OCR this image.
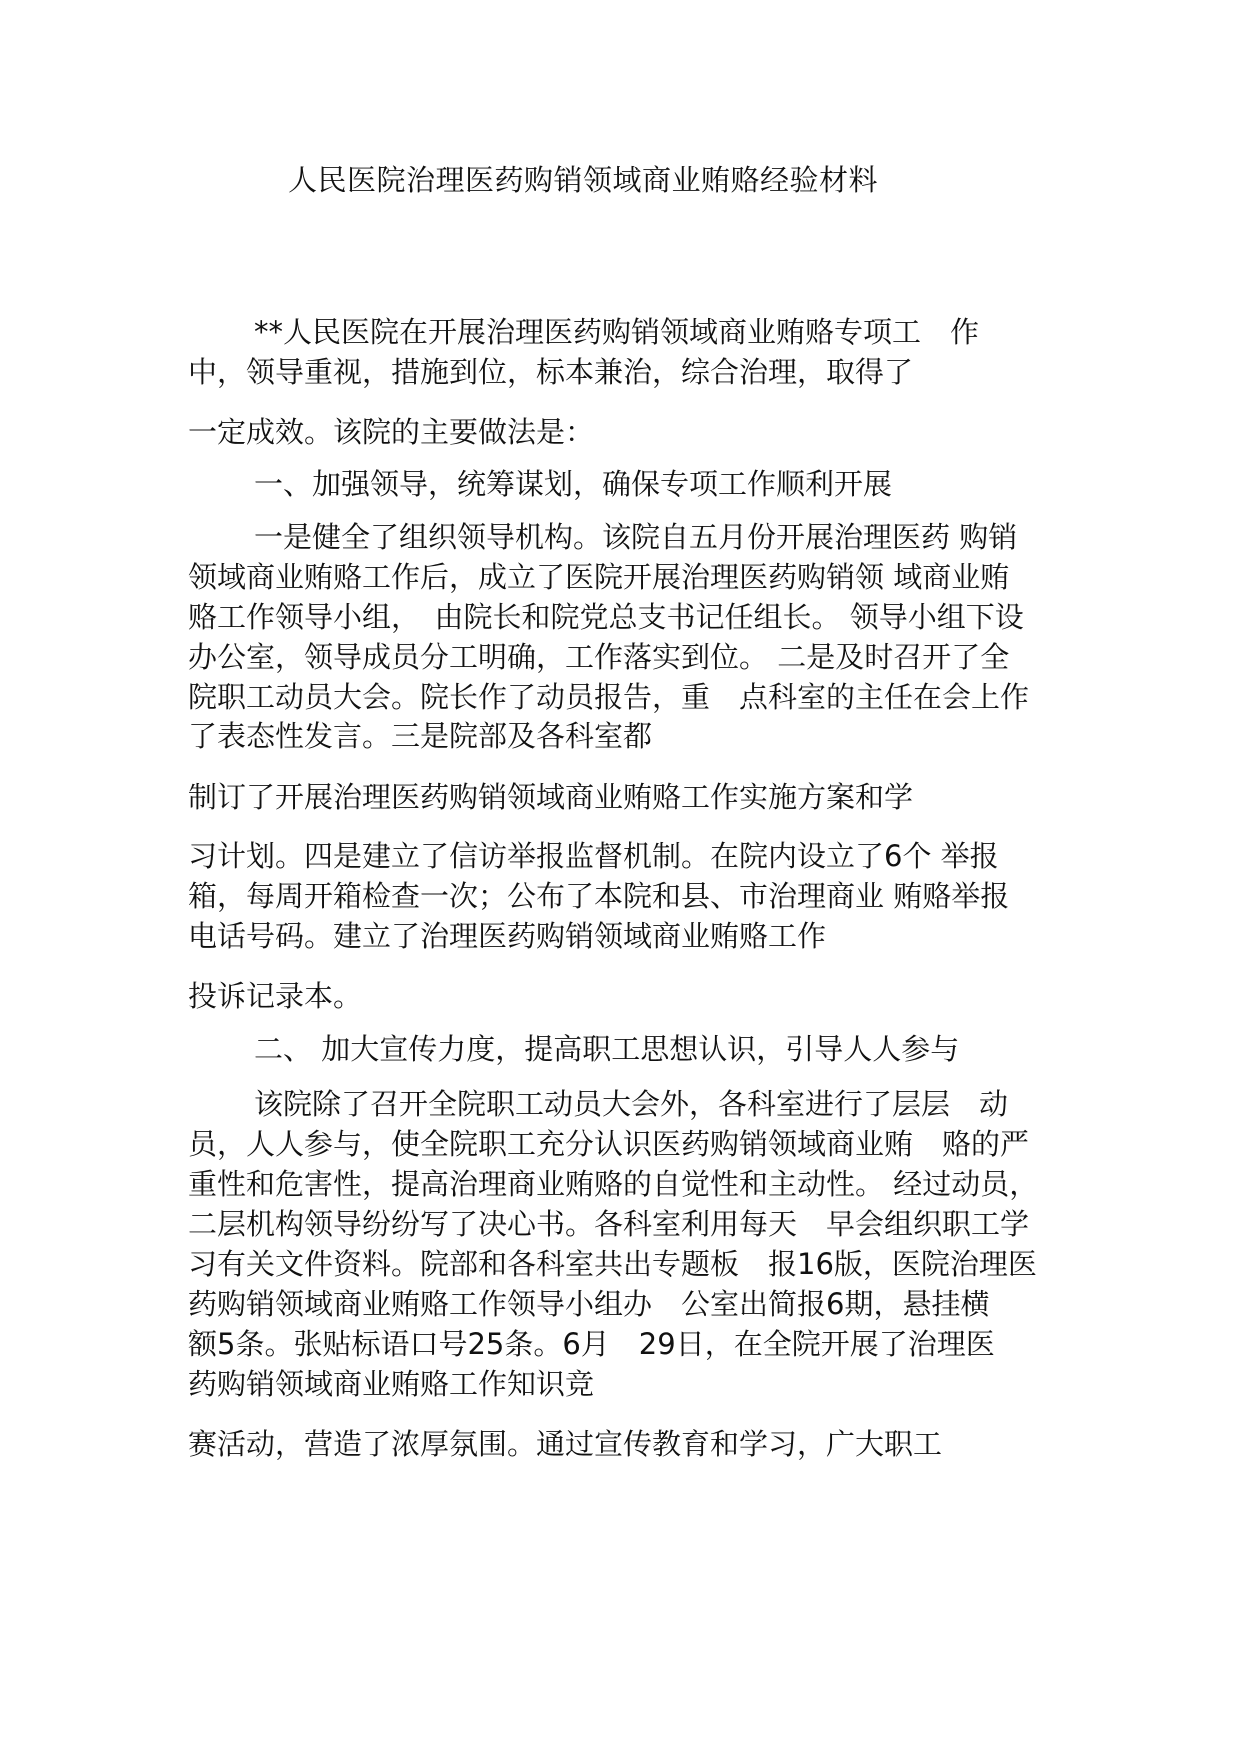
人民医院治理医药购销领域商业贿赂经验材料
**人民医院在开展治理医药购销领域商业贿赂专项工　作
中，领导重视，措施到位，标本兼治，综合治理，取得了
一定成效。该院的主要做法是：
一、加强领导，统筹谋划，确保专项工作顺利开展
一是健全了组织领导机构。该院自五月份开展治理医药 购销
领域商业贿赂工作后，成立了医院开展治理医药购销领 域商业贿
赂工作领导小组，　由院长和院党总支书记任组长。 领导小组下设
办公室，领导成员分工明确，工作落实到位。 二是及时召开了全
院职工动员大会。院长作了动员报告，重　点科室的主任在会上作
了表态性发言。三是院部及各科室都
制订了开展治理医药购销领域商业贿赂工作实施方案和学
习计划。四是建立了信访举报监督机制。在院内设立了6个 举报
箱，每周开箱检查一次；公布了本院和县、市治理商业 贿赂举报
电话号码。建立了治理医药购销领域商业贿赂工作
投诉记录本。
二、 加大宣传力度，提高职工思想认识，引导人人参与
该院除了召开全院职工动员大会外，各科室进行了层层　动
员，人人参与，使全院职工充分认识医药购销领域商业贿　赂的严
重性和危害性，提高治理商业贿赂的自觉性和主动性。 经过动员，
二层机构领导纷纷写了决心书。各科室利用每天　早会组织职工学
习有关文件资料。院部和各科室共出专题板　报16版，医院治理医
药购销领域商业贿赂工作领导小组办　公室出简报6期，悬挂横
额5条。张贴标语口号25条。6月　29日，在全院开展了治理医
药购销领域商业贿赂工作知识竞
赛活动，营造了浓厚氛围。通过宣传教育和学习，广大职工
